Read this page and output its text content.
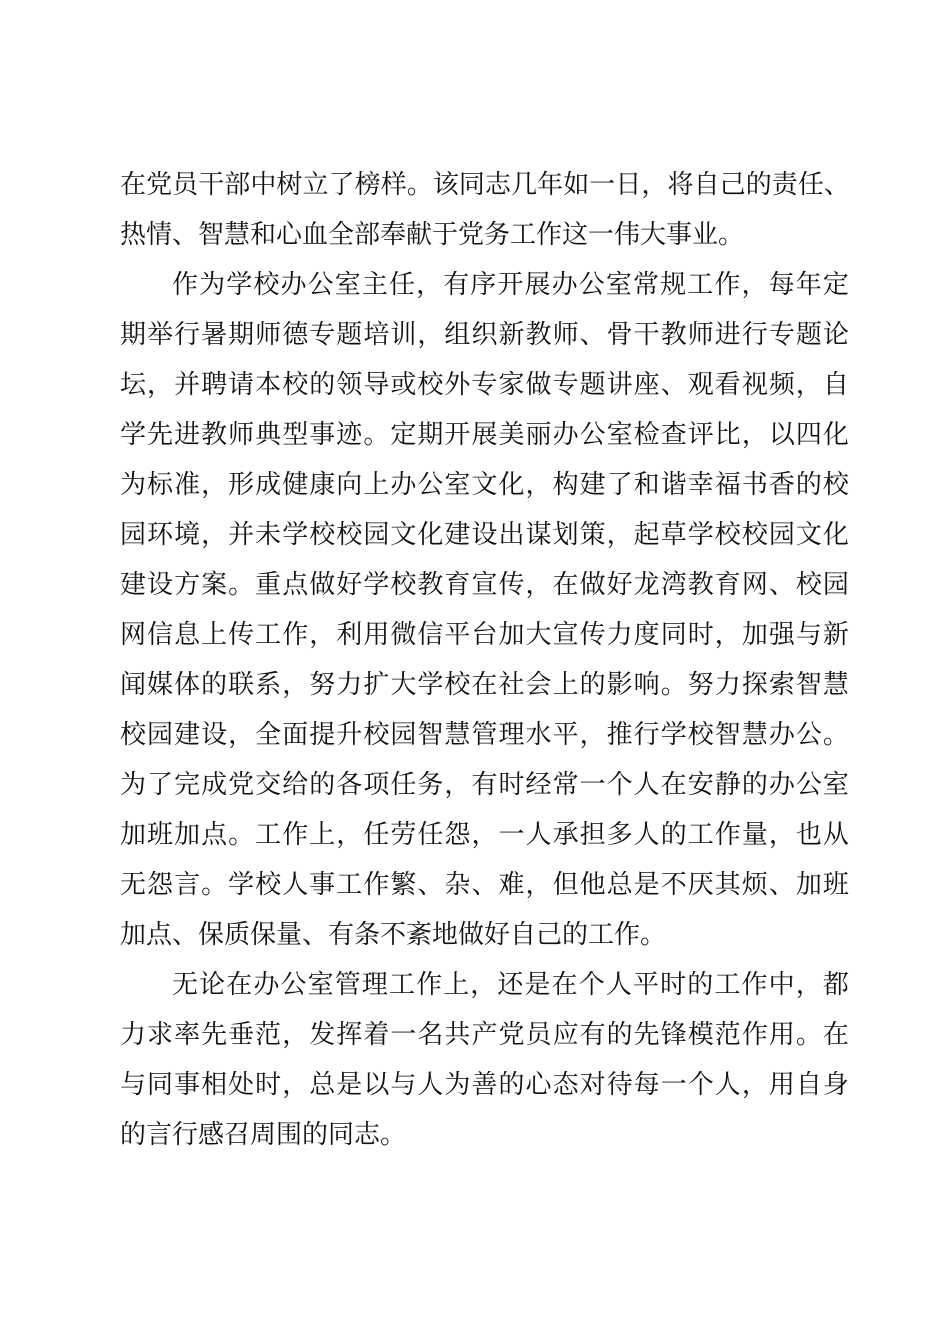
在党员干部中树立了榜样。该同志几年如一日，将自己的责任、
热情、智慧和心血全部奉献于党务工作这一伟大事业。
作为学校办公室主任，有序开展办公室常规工作，每年定
期举行暑期师德专题培训，组织新教师、骨干教师进行专题论
坛，并聘请本校的领导或校外专家做专题讲座、观看视频，自
学先进教师典型事迹。定期开展美丽办公室检查评比，以四化
为标准，形成健康向上办公室文化，构建了和谐幸福书香的校
园环境，并未学校校园文化建设出谋划策，起草学校校园文化
建设方案。重点做好学校教育宣传，在做好龙湾教育网、校园
网信息上传工作，利用微信平台加大宣传力度同时，加强与新
闻媒体的联系，努力扩大学校在社会上的影响。努力探索智慧
校园建设，全面提升校园智慧管理水平，推行学校智慧办公。
为了完成党交给的各项任务，有时经常一个人在安静的办公室
加班加点。工作上，任劳任怨，一人承担多人的工作量，也从
无怨言。学校人事工作繁、杂、难，但他总是不厌其烦、加班
加点、保质保量、有条不紊地做好自己的工作。
无论在办公室管理工作上，还是在个人平时的工作中，都
力求率先垂范，发挥着一名共产党员应有的先锋模范作用。在
与同事相处时，总是以与人为善的心态对待每一个人，用自身
的言行感召周围的同志。
